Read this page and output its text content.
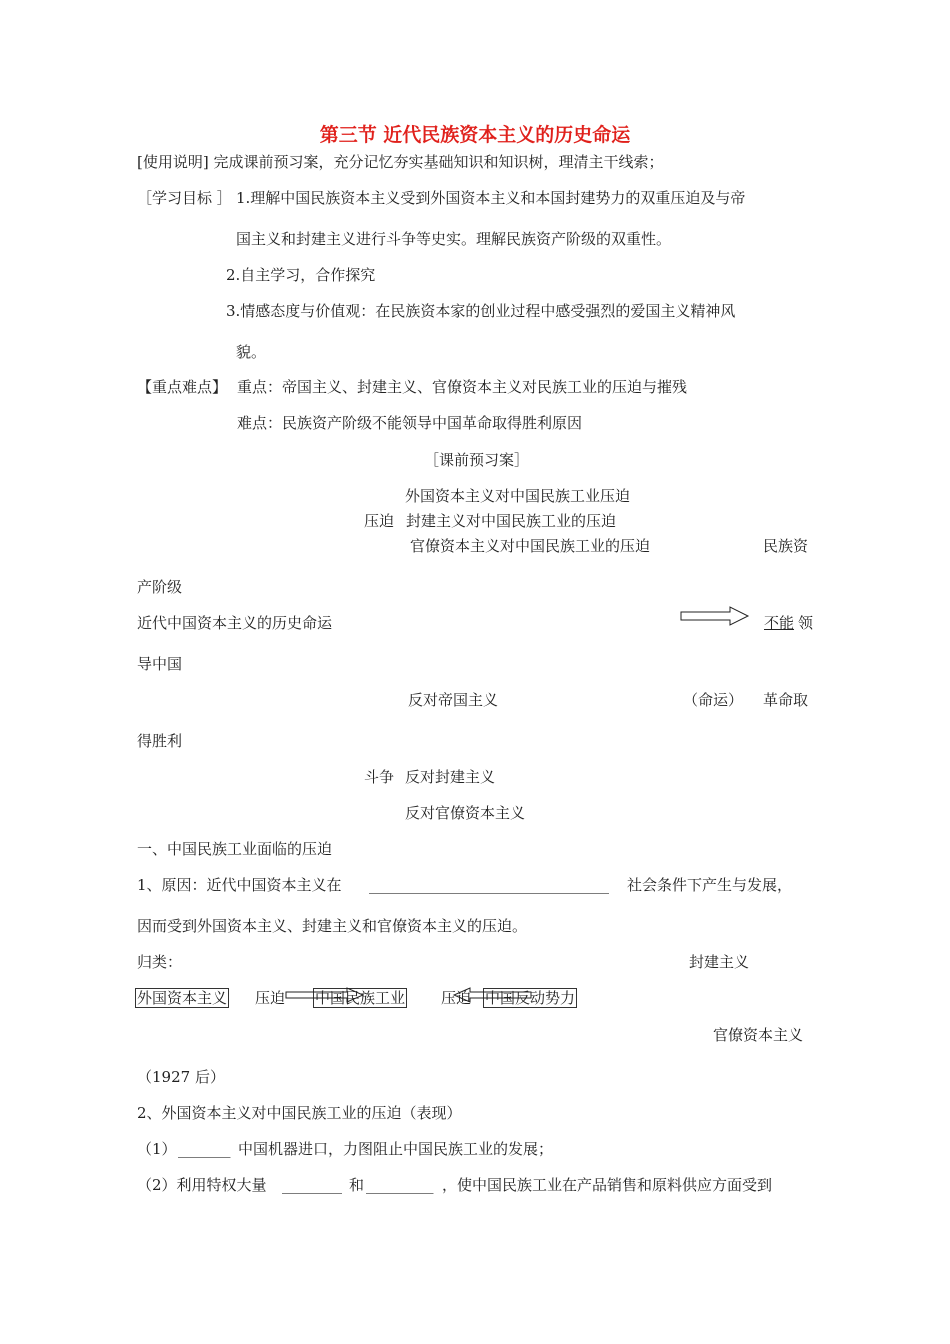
第三节 近代民族资本主义的历史命运
[使用说明] 完成课前预习案，充分记忆夯实基础知识和知识树，理清主干线索；
［学习目标 ］ 1.理解中国民族资本主义受到外国资本主义和本国封建势力的双重压迫及与帝
国主义和封建主义进行斗争等史实。理解民族资产阶级的双重性。
2.自主学习，合作探究
3.情感态度与价值观：在民族资本家的创业过程中感受强烈的爱国主义精神风
貌。
【重点难点】 重点：帝国主义、封建主义、官僚资本主义对民族工业的压迫与摧残
难点：民族资产阶级不能领导中国革命取得胜利原因
［课前预习案］
外国资本主义对中国民族工业压迫
压迫 封建主义对中国民族工业的压迫
官僚资本主义对中国民族工业的压迫	民族资
产阶级
近代中国资本主义的历史命运	不能 领
导中国
反对帝国主义	（命运） 革命取
得胜利
斗争 反对封建主义
反对官僚资本主义
一、中国民族工业面临的压迫
1、原因：近代中国资本主义在 ________________________________ 社会条件下产生与发展，
因而受到外国资本主义、封建主义和官僚资本主义的压迫。
归类：	封建主义
外国资本主义 压迫 中国民族工业 压迫 中国反动势力
官僚资本主义
（1927 后）
2、外国资本主义对中国民族工业的压迫（表现）
（1） _______ 中国机器进口，力图阻止中国民族工业的发展；
（2）利用特权大量 ________ 和 _________ ，使中国民族工业在产品销售和原料供应方面受到
